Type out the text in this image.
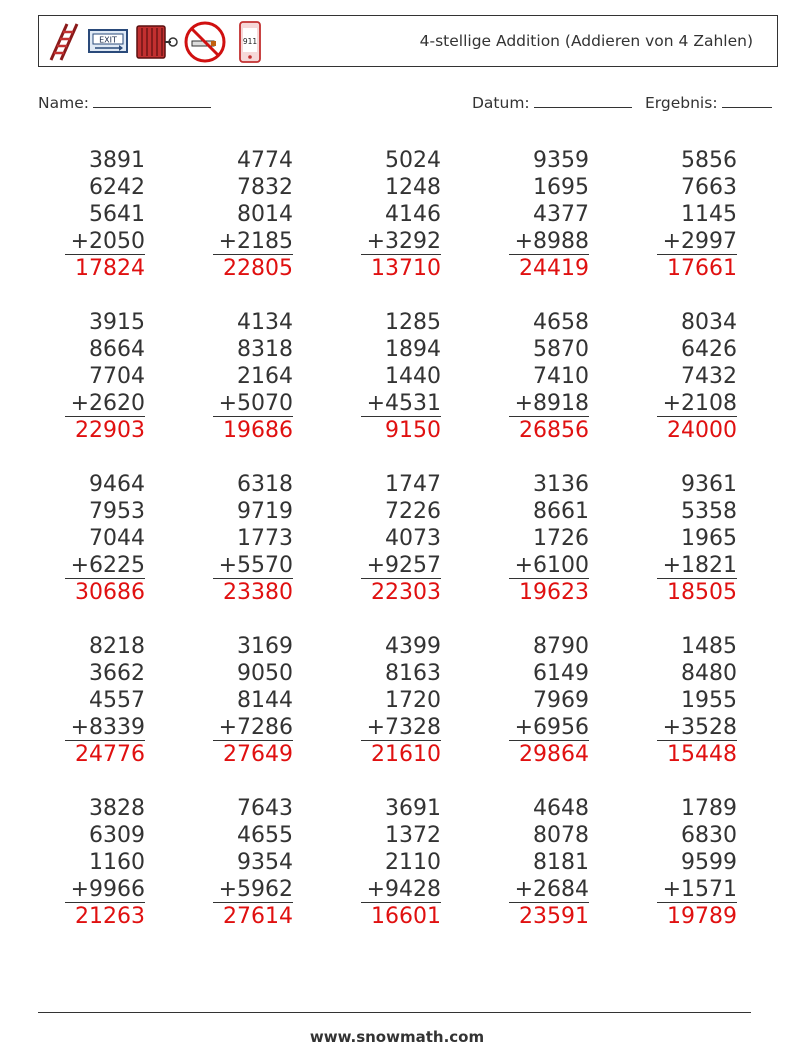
EXIT	911	4-stellige Addition (Addieren von 4 Zahlen)
Name:	Datum:	Ergebnis:
3891
6242
5641
+2050
17824
4774
7832
8014
+2185
22805
5024
1248
4146
+3292
13710
9359
1695
4377
+8988
24419
5856
7663
1145
+2997
17661
3915
8664
7704
+2620
22903
4134
8318
2164
+5070
19686
1285
1894
1440
+4531
9150
4658
5870
7410
+8918
26856
8034
6426
7432
+2108
24000
9464
7953
7044
+6225
30686
6318
9719
1773
+5570
23380
1747
7226
4073
+9257
22303
3136
8661
1726
+6100
19623
9361
5358
1965
+1821
18505
8218
3662
4557
+8339
24776
3169
9050
8144
+7286
27649
4399
8163
1720
+7328
21610
8790
6149
7969
+6956
29864
1485
8480
1955
+3528
15448
3828
6309
1160
+9966
21263
7643
4655
9354
+5962
27614
3691
1372
2110
+9428
16601
4648
8078
8181
+2684
23591
1789
6830
9599
+1571
19789
www.snowmath.com
